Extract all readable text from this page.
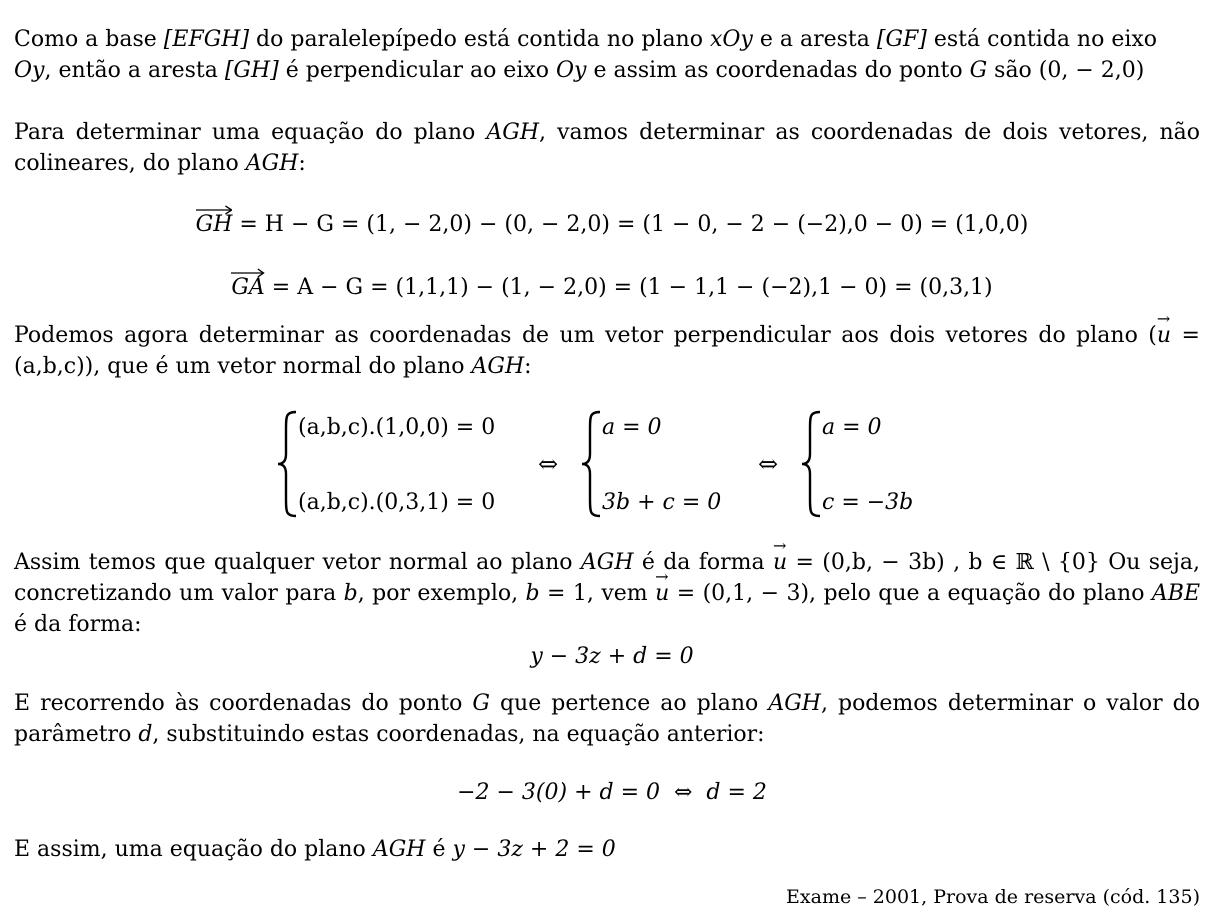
Como a base [EFGH] do paralelepípedo está contida no plano xOy e a aresta [GF] está contida no eixo
Oy, então a aresta [GH] é perpendicular ao eixo Oy e assim as coordenadas do ponto G são (0, − 2,0)
Para determinar uma equação do plano AGH, vamos determinar as coordenadas de dois vetores, não colineares, do plano AGH:
GH = H − G = (1, − 2,0) − (0, − 2,0) = (1 − 0, − 2 − (−2),0 − 0) = (1,0,0)
GA = A − G = (1,1,1) − (1, − 2,0) = (1 − 1,1 − (−2),1 − 0) = (0,3,1)
Podemos agora determinar as coordenadas de um vetor perpendicular aos dois vetores do plano (→ u = (a,b,c)), que é um vetor normal do plano AGH:
(a,b,c).(1,0,0) = 0
(a,b,c).(0,3,1) = 0
⇔
a = 0
3b + c = 0
⇔
a = 0
c = −3b
Assim temos que qualquer vetor normal ao plano AGH é da forma → u = (0,b, − 3b) , b ∈ ℝ \ {0} Ou seja, concretizando um valor para b, por exemplo, b = 1, vem → u = (0,1, − 3), pelo que a equação do plano ABE é da forma:
y − 3z + d = 0
E recorrendo às coordenadas do ponto G que pertence ao plano AGH, podemos determinar o valor do parâmetro d, substituindo estas coordenadas, na equação anterior:
−2 − 3(0) + d = 0  ⇔  d = 2
E assim, uma equação do plano AGH é y − 3z + 2 = 0
Exame – 2001, Prova de reserva (cód. 135)
